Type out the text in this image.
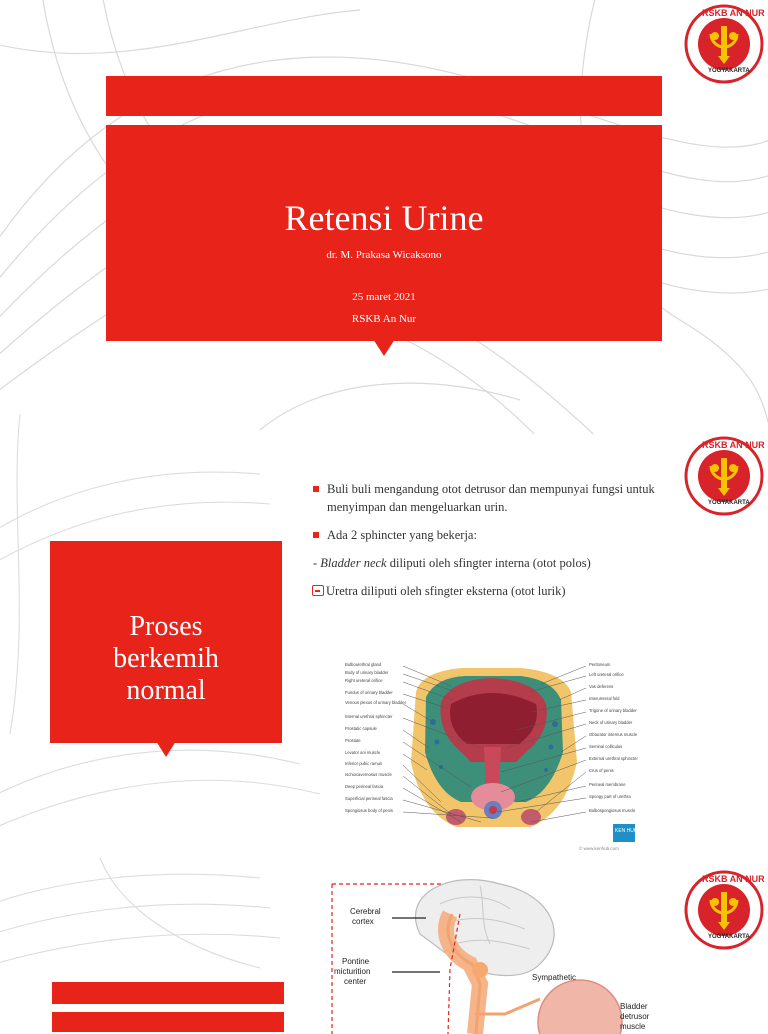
RSKB AN NUR
YOGYAKARTA
Retensi Urine
dr. M. Prakasa Wicaksono
25 maret 2021
RSKB An Nur
RSKB AN NUR
YOGYAKARTA
Proses
berkemih
normal
Buli buli mengandung otot detrusor dan mempunyai fungsi untuk menyimpan dan mengeluarkan urin.
Ada 2 sphincter yang bekerja:
- Bladder neck diliputi oleh sfingter interna (otot polos)
Uretra diliputi oleh sfingter eksterna (otot lurik)
Bulbourethral gland
Body of urinary bladder
Right ureteral orifice
Fundus of urinary bladder
Venous plexus of urinary bladder
Internal urethral sphincter
Prostatic capsule
Prostate
Levator ani muscle
Inferior pubic ramus
Ischiocavernosus muscle
Deep perineal fascia
Superficial perineal fascia
Spongiosus body of penis
Peritoneum
Left ureteral orifice
Vas deferens
Interureteral fold
Trigone of urinary bladder
Neck of urinary bladder
Obturator internus muscle
Seminal colliculus
External urethral sphincter
Crus of penis
Perineal membrane
Spongy part of urethra
Bulbospongiosus muscle
KEN HUB
© www.kenhub.com
RSKB AN NUR
YOGYAKARTA
Cerebral cortex
Pontine micturition center	Sympathetic
Bladder detrusor muscle
